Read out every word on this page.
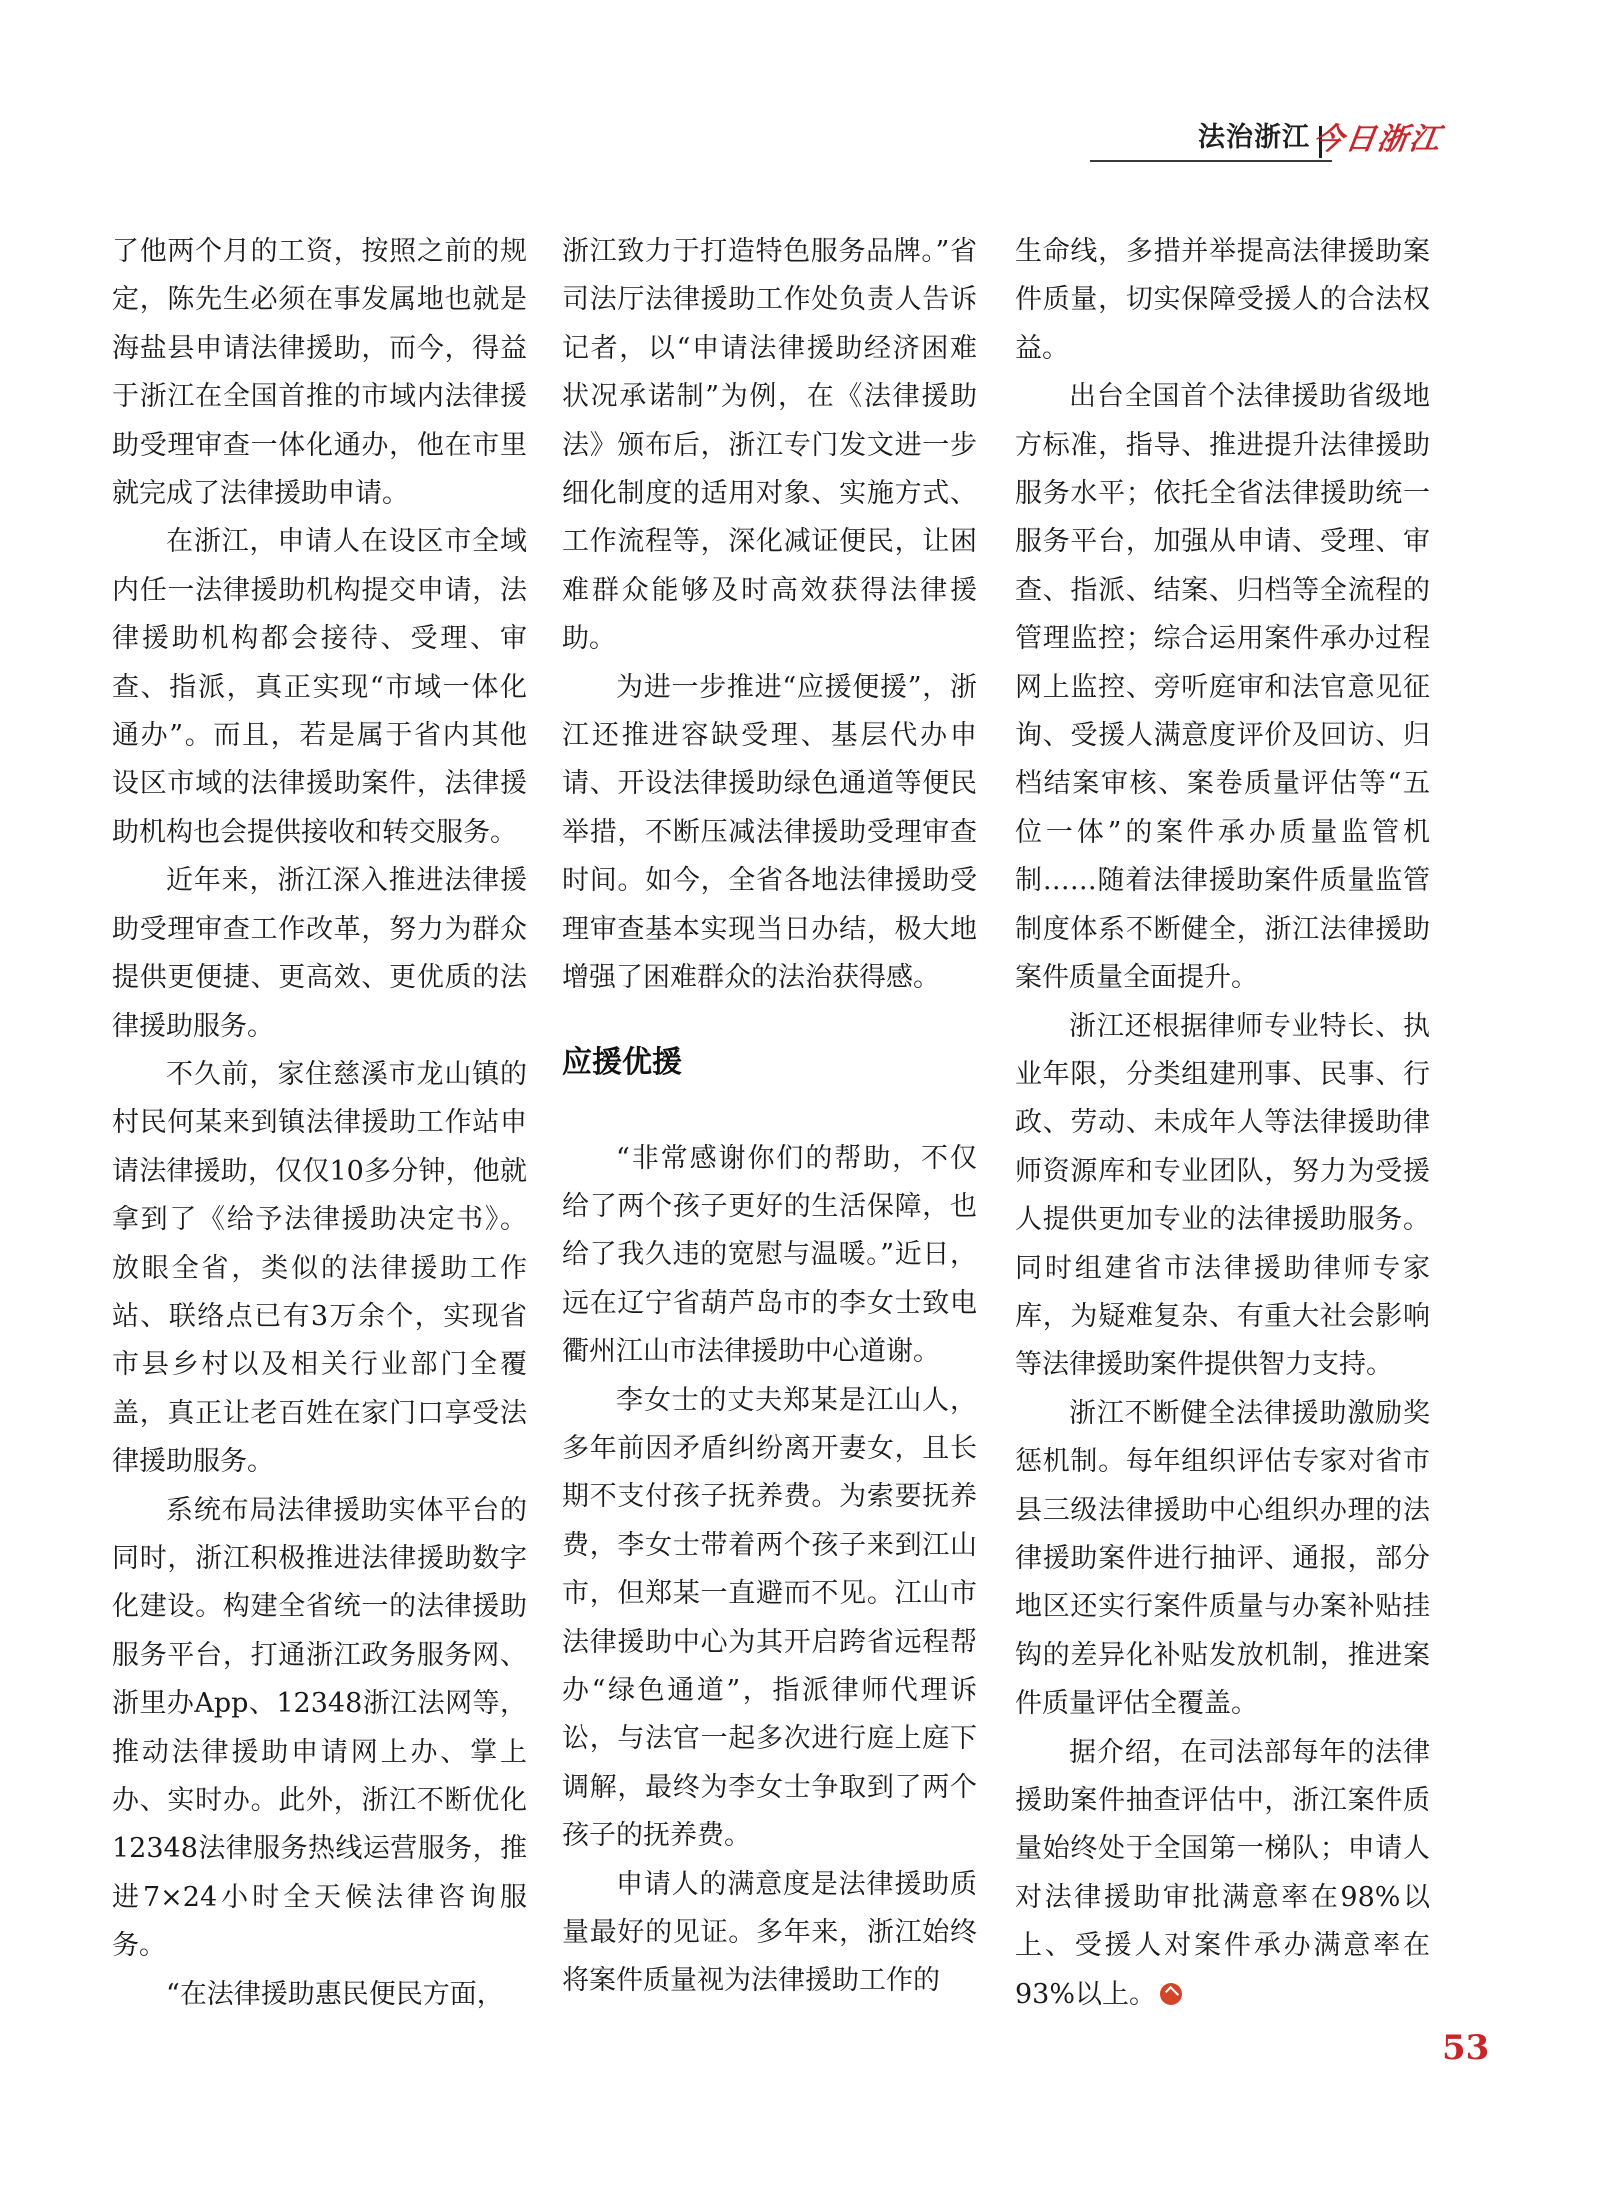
法治浙江 今日浙江

了他两个月的工资，按照之前的规定，陈先生必须在事发属地也就是海盐县申请法律援助，而今，得益于浙江在全国首推的市域内法律援助受理审查一体化通办，他在市里就完成了法律援助申请。

在浙江，申请人在设区市全域内任一法律援助机构提交申请，法律援助机构都会接待、受理、审查、指派，真正实现“市域一体化通办”。而且，若是属于省内其他设区市域的法律援助案件，法律援助机构也会提供接收和转交服务。

近年来，浙江深入推进法律援助受理审查工作改革，努力为群众提供更便捷、更高效、更优质的法律援助服务。

不久前，家住慈溪市龙山镇的村民何某来到镇法律援助工作站申请法律援助，仅仅10多分钟，他就拿到了《给予法律援助决定书》。放眼全省，类似的法律援助工作站、联络点已有3万余个，实现省市县乡村以及相关行业部门全覆盖，真正让老百姓在家门口享受法律援助服务。

系统布局法律援助实体平台的同时，浙江积极推进法律援助数字化建设。构建全省统一的法律援助服务平台，打通浙江政务服务网、浙里办App、12348浙江法网等，推动法律援助申请网上办、掌上办、实时办。此外，浙江不断优化12348法律服务热线运营服务，推进7×24小时全天候法律咨询服务。

“在法律援助惠民便民方面，

浙江致力于打造特色服务品牌。”省司法厅法律援助工作处负责人告诉记者，以“申请法律援助经济困难状况承诺制”为例，在《法律援助法》颁布后，浙江专门发文进一步细化制度的适用对象、实施方式、工作流程等，深化减证便民，让困难群众能够及时高效获得法律援助。

为进一步推进“应援便援”，浙江还推进容缺受理、基层代办申请、开设法律援助绿色通道等便民举措，不断压减法律援助受理审查时间。如今，全省各地法律援助受理审查基本实现当日办结，极大地增强了困难群众的法治获得感。

应援优援

“非常感谢你们的帮助，不仅给了两个孩子更好的生活保障，也给了我久违的宽慰与温暖。”近日，远在辽宁省葫芦岛市的李女士致电衢州江山市法律援助中心道谢。

李女士的丈夫郑某是江山人，多年前因矛盾纠纷离开妻女，且长期不支付孩子抚养费。为索要抚养费，李女士带着两个孩子来到江山市，但郑某一直避而不见。江山市法律援助中心为其开启跨省远程帮办“绿色通道”，指派律师代理诉讼，与法官一起多次进行庭上庭下调解，最终为李女士争取到了两个孩子的抚养费。

申请人的满意度是法律援助质量最好的见证。多年来，浙江始终将案件质量视为法律援助工作的

生命线，多措并举提高法律援助案件质量，切实保障受援人的合法权益。

出台全国首个法律援助省级地方标准，指导、推进提升法律援助服务水平；依托全省法律援助统一服务平台，加强从申请、受理、审查、指派、结案、归档等全流程的管理监控；综合运用案件承办过程网上监控、旁听庭审和法官意见征询、受援人满意度评价及回访、归档结案审核、案卷质量评估等“五位一体”的案件承办质量监管机制……随着法律援助案件质量监管制度体系不断健全，浙江法律援助案件质量全面提升。

浙江还根据律师专业特长、执业年限，分类组建刑事、民事、行政、劳动、未成年人等法律援助律师资源库和专业团队，努力为受援人提供更加专业的法律援助服务。同时组建省市法律援助律师专家库，为疑难复杂、有重大社会影响等法律援助案件提供智力支持。

浙江不断健全法律援助激励奖惩机制。每年组织评估专家对省市县三级法律援助中心组织办理的法律援助案件进行抽评、通报，部分地区还实行案件质量与办案补贴挂钩的差异化补贴发放机制，推进案件质量评估全覆盖。

据介绍，在司法部每年的法律援助案件抽查评估中，浙江案件质量始终处于全国第一梯队；申请人对法律援助审批满意率在98%以上、受援人对案件承办满意率在93%以上。

53
